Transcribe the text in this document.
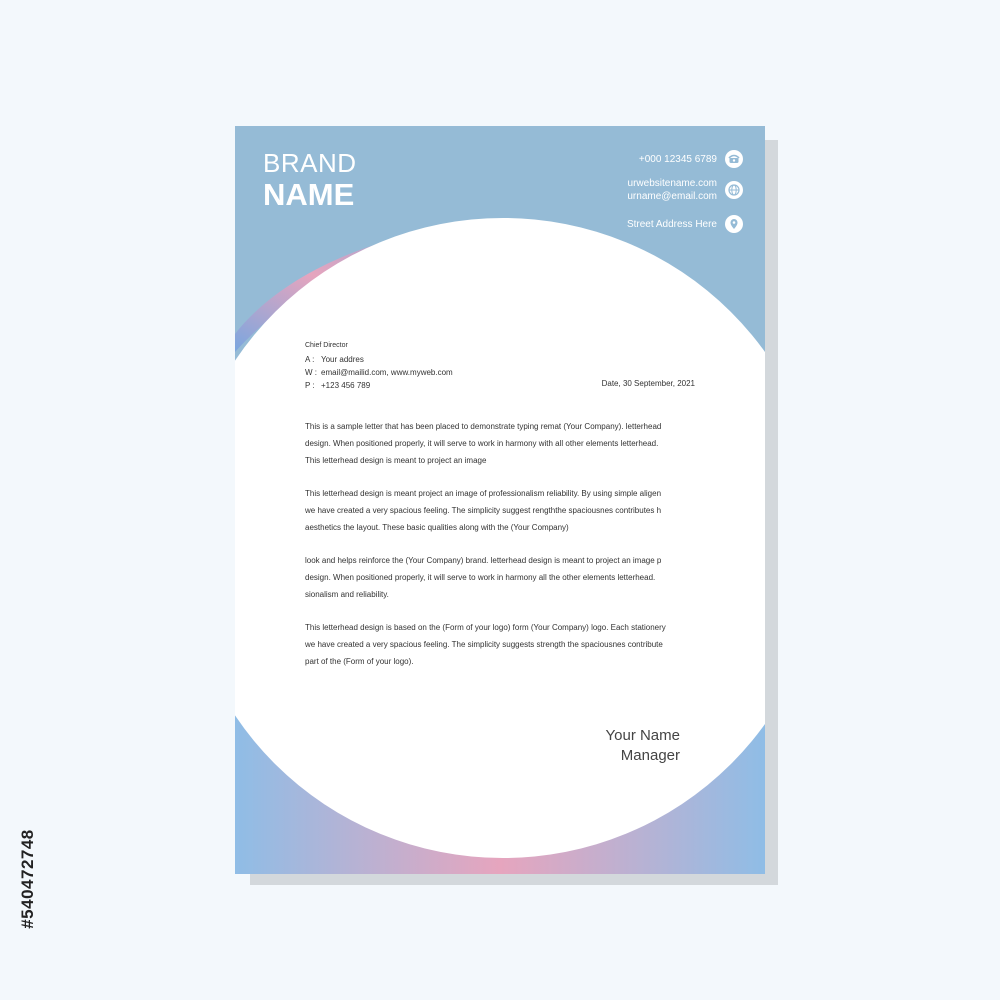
#540472748
BRAND
NAME
+000 12345 6789
urwebsitename.com
urname@email.com
Street Address Here
Chief Director
A : Your addres
W : email@mailid.com, www.myweb.com
P : +123 456 789	Date, 30 September, 2021
This is a sample letter that has been placed to demonstrate typing remat (Your Company). letterhead
design. When positioned properly, it will serve to work in harmony with all other elements letterhead.
This letterhead design is meant to project an image
This letterhead design is meant project an image of professionalism reliability. By using simple aligen
we have created a very spacious feeling. The simplicity suggest rengththe spaciousnes contributes h
aesthetics the layout. These basic qualities along with the (Your Company)
look and helps reinforce the (Your Company) brand. letterhead design is meant to project an image p
design. When positioned properly, it will serve to work in harmony all the other elements letterhead.
sionalism and reliability.
This letterhead design is based on the (Form of your logo) form (Your Company) logo. Each stationery
we have created a very spacious feeling. The simplicity suggests strength the spaciousnes contribute
part of the (Form of your logo).
Your Name
Manager
